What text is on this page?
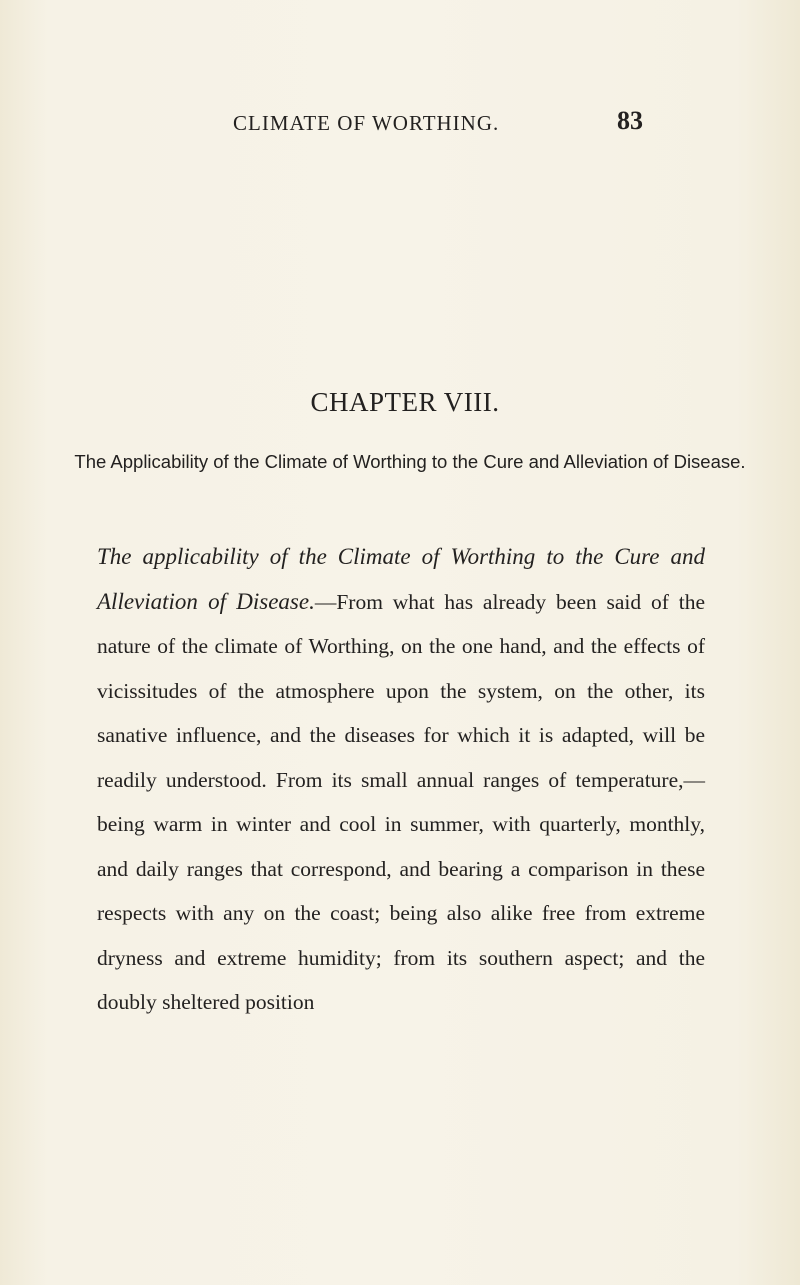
CLIMATE OF WORTHING.	83
CHAPTER VIII.

The Applicability of the Climate of Worthing to the Cure and Alleviation of Disease.

The applicability of the Climate of Worthing to the Cure and Alleviation of Disease.—From what has already been said of the nature of the climate of Worthing, on the one hand, and the effects of vicissitudes of the atmosphere upon the system, on the other, its sanative influence, and the diseases for which it is adapted, will be readily understood. From its small annual ranges of temperature,— being warm in winter and cool in summer, with quarterly, monthly, and daily ranges that correspond, and bearing a comparison in these respects with any on the coast; being also alike free from extreme dryness and extreme humidity; from its southern aspect; and the doubly sheltered position
